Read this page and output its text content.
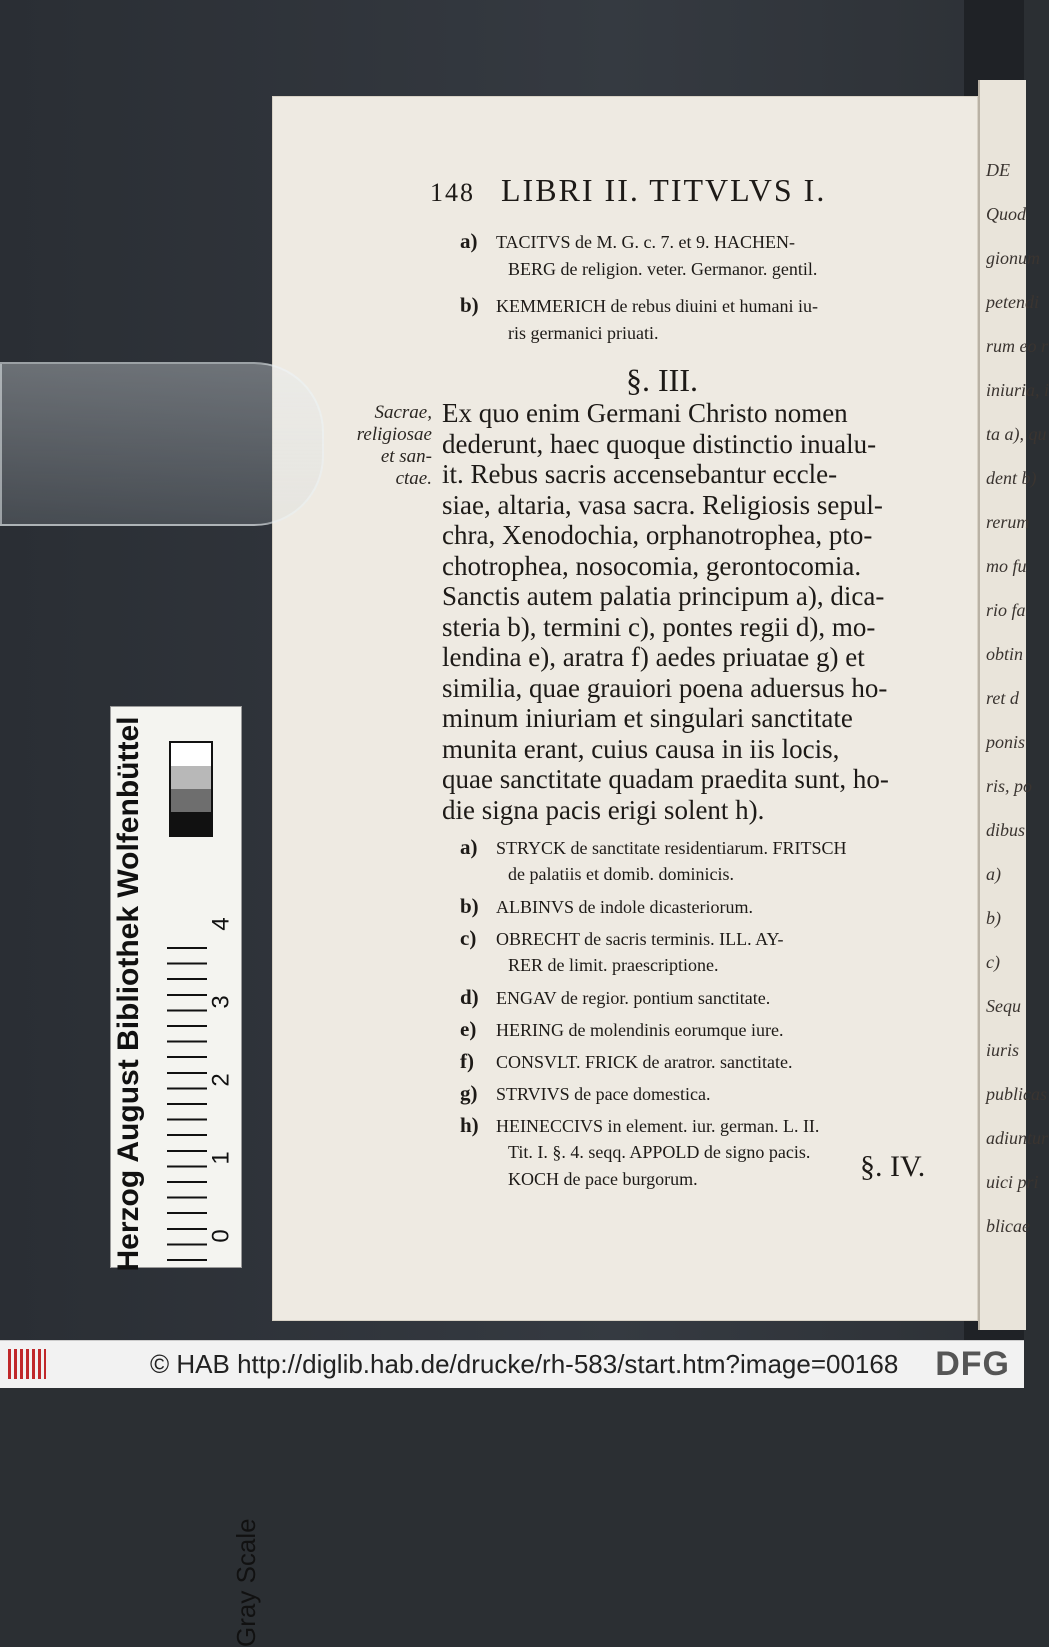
DE
Quod
gionum
petendi
rum eo r
iniuria, i
ta a), qu
dent b)
rerum
mo fu
rio fa
obtin
ret d
ponis
ris, po
dibus
a)
b)
c)
Sequ
iuris
publicas
adiuntur
uici pri
blicae
148 LIBRI II. TITVLVS I.
a) TACITVS de M. G. c. 7. et 9. HACHEN-
BERG de religion. veter. Germanor. gentil.
b) KEMMERICH de rebus diuini et humani iu-
ris germanici priuati.
§. III.
Sacrae,
religiosae
et san-
ctae.
Ex quo enim Germani Christo nomen
dederunt, haec quoque distinctio inualu-
it. Rebus sacris accensebantur eccle-
siae, altaria, vasa sacra. Religiosis sepul-
chra, Xenodochia, orphanotrophea, pto-
chotrophea, nosocomia, gerontocomia.
Sanctis autem palatia principum a), dica-
steria b), termini c), pontes regii d), mo-
lendina e), aratra f) aedes priuatae g) et
similia, quae grauiori poena aduersus ho-
minum iniuriam et singulari sanctitate
munita erant, cuius causa in iis locis,
quae sanctitate quadam praedita sunt, ho-
die signa pacis erigi solent h).
a) STRYCK de sanctitate residentiarum. FRITSCH
de palatiis et domib. dominicis.
b) ALBINVS de indole dicasteriorum.
c) OBRECHT de sacris terminis. ILL. AY-
RER de limit. praescriptione.
d) ENGAV de regior. pontium sanctitate.
e) HERING de molendinis eorumque iure.
f) CONSVLT. FRICK de aratror. sanctitate.
g) STRVIVS de pace domestica.
h) HEINECCIVS in element. iur. german. L. II.
Tit. I. §. 4. seqq. APPOLD de signo pacis.
KOCH de pace burgorum.	§. IV.
Herzog August Bibliothek Wolfenbüttel
Gray Scale
0
1
2
3
4
© HAB http://diglib.hab.de/drucke/rh-583/start.htm?image=00168 DFG
